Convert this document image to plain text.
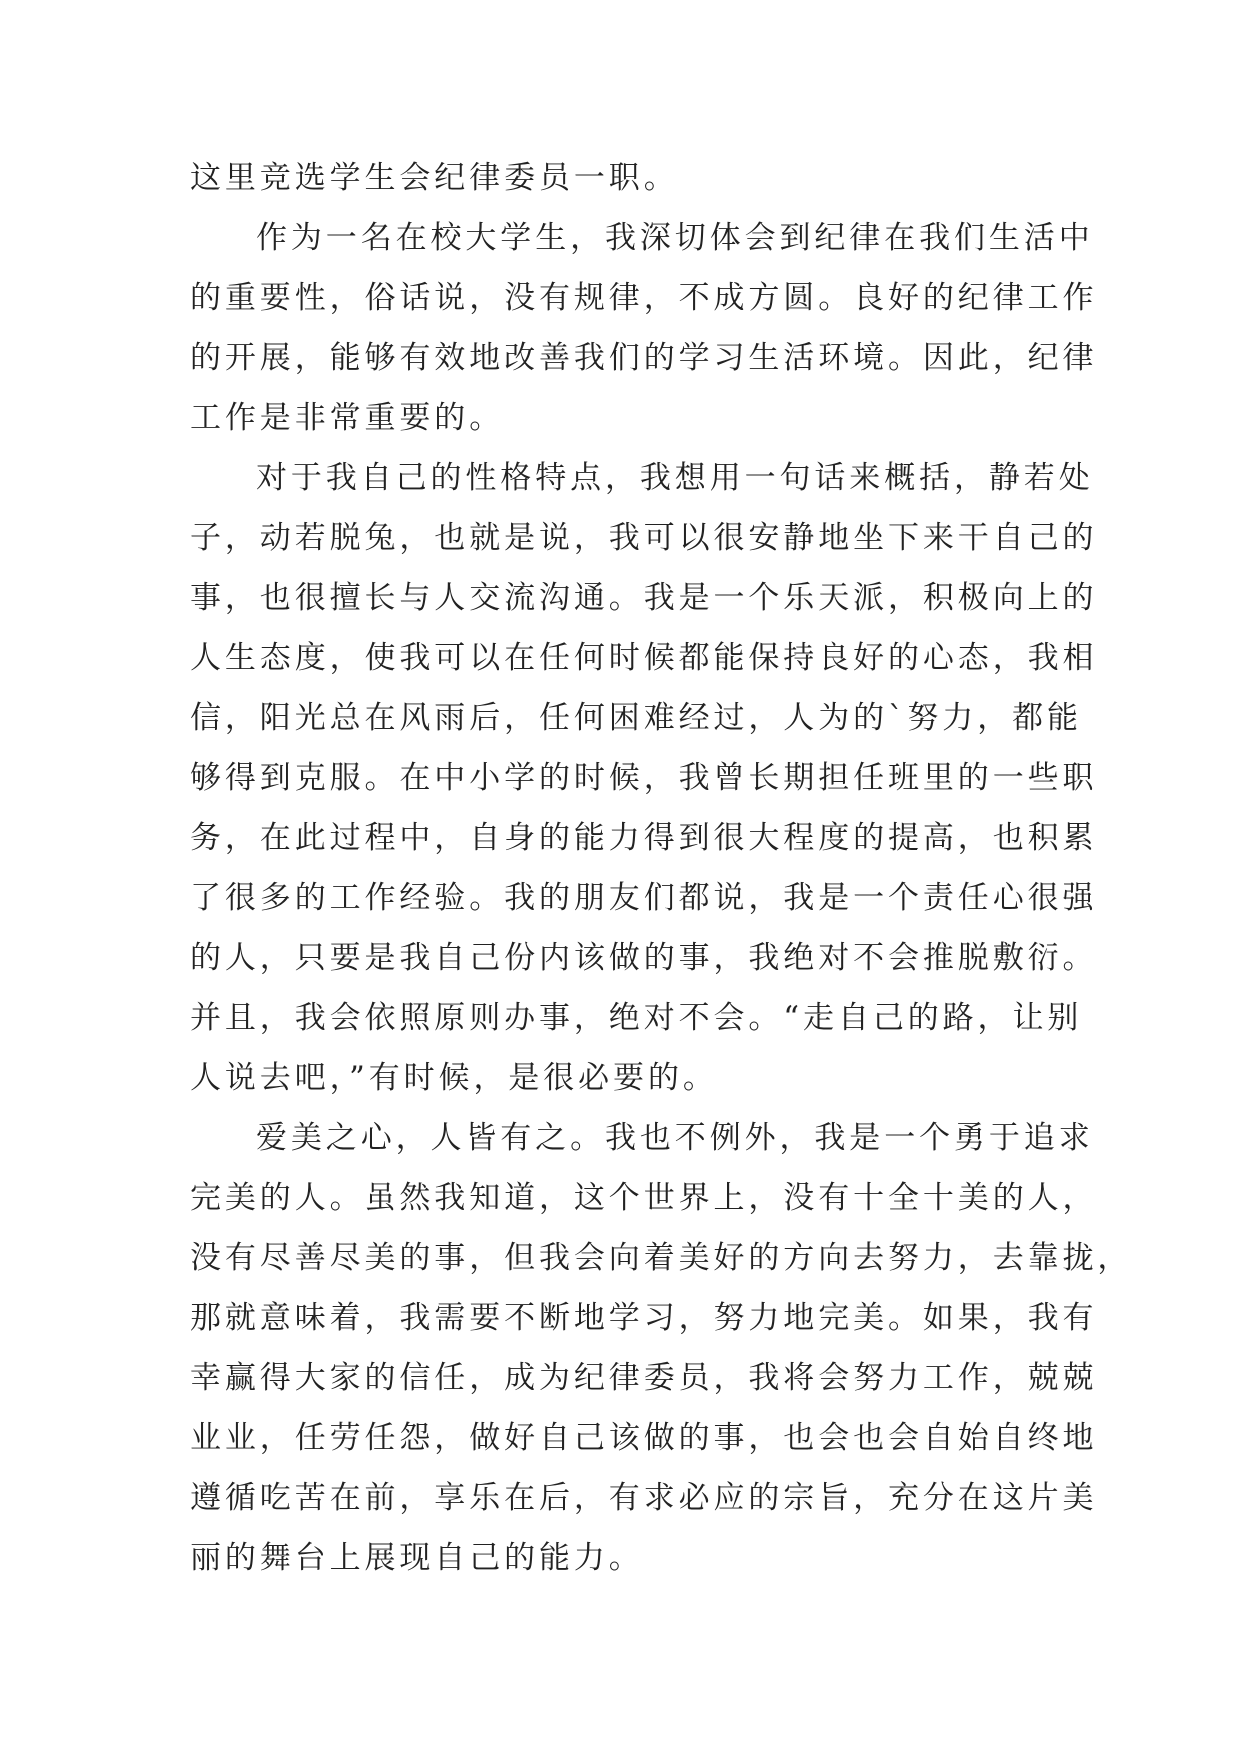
这里竞选学生会纪律委员一职。
作为一名在校大学生，我深切体会到纪律在我们生活中
的重要性，俗话说，没有规律，不成方圆。良好的纪律工作
的开展，能够有效地改善我们的学习生活环境。因此，纪律
工作是非常重要的。
对于我自己的性格特点，我想用一句话来概括，静若处
子，动若脱兔，也就是说，我可以很安静地坐下来干自己的
事，也很擅长与人交流沟通。我是一个乐天派，积极向上的
人生态度，使我可以在任何时候都能保持良好的心态，我相
信，阳光总在风雨后，任何困难经过，人为的`努力，都能
够得到克服。在中小学的时候，我曾长期担任班里的一些职
务，在此过程中，自身的能力得到很大程度的提高，也积累
了很多的工作经验。我的朋友们都说，我是一个责任心很强
的人，只要是我自己份内该做的事，我绝对不会推脱敷衍。
并且，我会依照原则办事，绝对不会。“走自己的路，让别
人说去吧，”有时候，是很必要的。
爱美之心，人皆有之。我也不例外，我是一个勇于追求
完美的人。虽然我知道，这个世界上，没有十全十美的人，
没有尽善尽美的事，但我会向着美好的方向去努力，去靠拢，
那就意味着，我需要不断地学习，努力地完美。如果，我有
幸赢得大家的信任，成为纪律委员，我将会努力工作，兢兢
业业，任劳任怨，做好自己该做的事，也会也会自始自终地
遵循吃苦在前，享乐在后，有求必应的宗旨，充分在这片美
丽的舞台上展现自己的能力。
